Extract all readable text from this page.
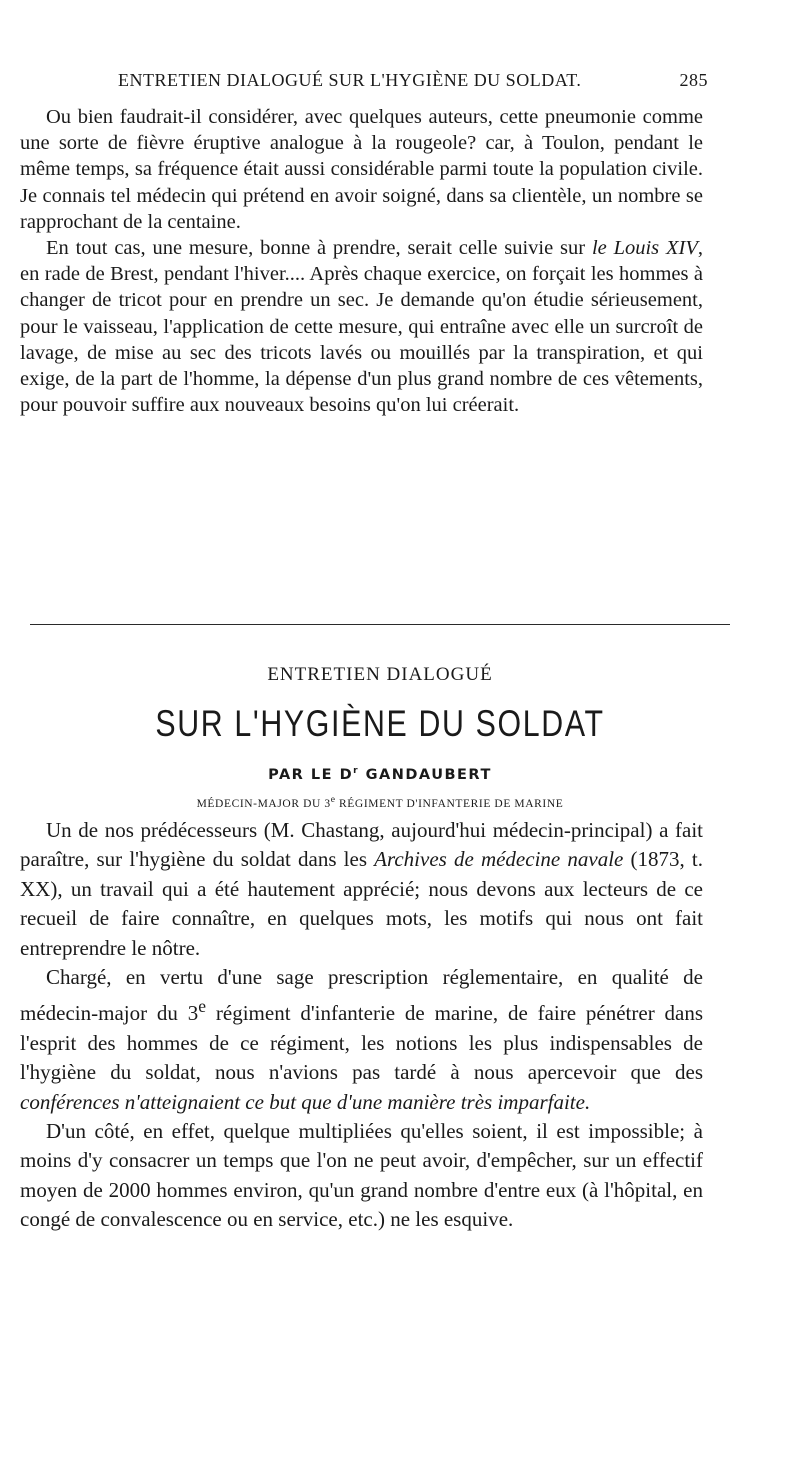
ENTRETIEN DIALOGUÉ SUR L'HYGIÈNE DU SOLDAT.	285

Ou bien faudrait-il considérer, avec quelques auteurs, cette pneumonie comme une sorte de fièvre éruptive analogue à la rougeole? car, à Toulon, pendant le même temps, sa fréquence était aussi considérable parmi toute la population civile. Je connais tel médecin qui prétend en avoir soigné, dans sa clientèle, un nombre se rapprochant de la centaine.

En tout cas, une mesure, bonne à prendre, serait celle suivie sur le Louis XIV, en rade de Brest, pendant l'hiver.... Après chaque exercice, on forçait les hommes à changer de tricot pour en prendre un sec. Je demande qu'on étudie sérieusement, pour le vaisseau, l'application de cette mesure, qui entraîne avec elle un surcroît de lavage, de mise au sec des tricots lavés ou mouillés par la transpiration, et qui exige, de la part de l'homme, la dépense d'un plus grand nombre de ces vêtements, pour pouvoir suffire aux nouveaux besoins qu'on lui créerait.

ENTRETIEN DIALOGUÉ
SUR L'HYGIÈNE DU SOLDAT
PAR LE $D^r$ GANDAUBERT
MÉDECIN-MAJOR DU 3e RÉGIMENT D'INFANTERIE DE MARINE

Un de nos prédécesseurs (M. Chastang, aujourd'hui médecin-principal) a fait paraître, sur l'hygiène du soldat dans les Archives de médecine navale (1873, t. XX), un travail qui a été hautement apprécié; nous devons aux lecteurs de ce recueil de faire connaître, en quelques mots, les motifs qui nous ont fait entreprendre le nôtre.

Chargé, en vertu d'une sage prescription réglementaire, en qualité de médecin-major du 3e régiment d'infanterie de marine, de faire pénétrer dans l'esprit des hommes de ce régiment, les notions les plus indispensables de l'hygiène du soldat, nous n'avions pas tardé à nous apercevoir que des conférences n'atteignaient ce but que d'une manière très imparfaite.

D'un côté, en effet, quelque multipliées qu'elles soient, il est impossible; à moins d'y consacrer un temps que l'on ne peut avoir, d'empêcher, sur un effectif moyen de 2000 hommes environ, qu'un grand nombre d'entre eux (à l'hôpital, en congé de convalescence ou en service, etc.) ne les esquive.
